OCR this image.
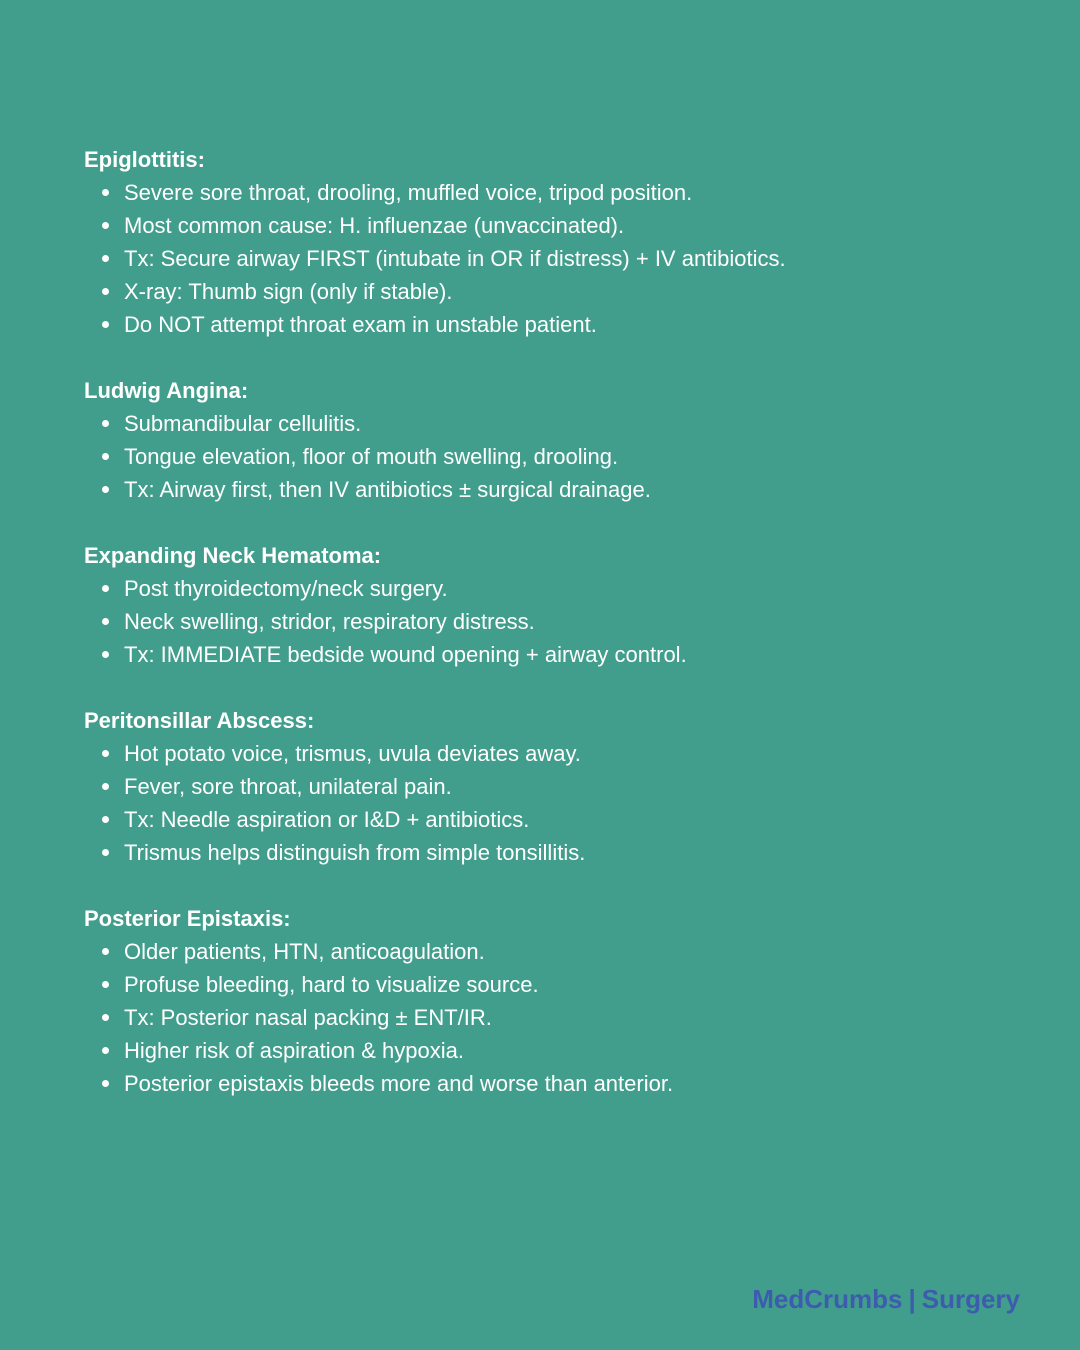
Epiglottitis:
Severe sore throat, drooling, muffled voice, tripod position.
Most common cause: H. influenzae (unvaccinated).
Tx: Secure airway FIRST (intubate in OR if distress) + IV antibiotics.
X-ray: Thumb sign (only if stable).
Do NOT attempt throat exam in unstable patient.
Ludwig Angina:
Submandibular cellulitis.
Tongue elevation, floor of mouth swelling, drooling.
Tx: Airway first, then IV antibiotics ± surgical drainage.
Expanding Neck Hematoma:
Post thyroidectomy/neck surgery.
Neck swelling, stridor, respiratory distress.
Tx: IMMEDIATE bedside wound opening + airway control.
Peritonsillar Abscess:
Hot potato voice, trismus, uvula deviates away.
Fever, sore throat, unilateral pain.
Tx: Needle aspiration or I&D + antibiotics.
Trismus helps distinguish from simple tonsillitis.
Posterior Epistaxis:
Older patients, HTN, anticoagulation.
Profuse bleeding, hard to visualize source.
Tx: Posterior nasal packing ± ENT/IR.
Higher risk of aspiration & hypoxia.
Posterior epistaxis bleeds more and worse than anterior.
MedCrumbs | Surgery
